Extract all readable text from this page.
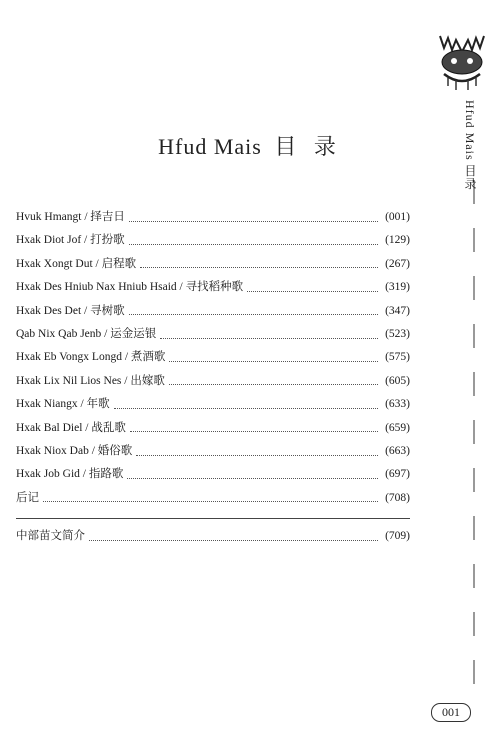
Hfud Mais 目录
Hfud Mais 目 录
Hvuk Hmangt / 择吉日	(001)
Hxak Diot Jof / 打扮歌	(129)
Hxak Xongt Dut / 启程歌	(267)
Hxak Des Hniub Nax Hniub Hsaid / 寻找稻种歌	(319)
Hxak Des Det / 寻树歌	(347)
Qab Nix Qab Jenb / 运金运银	(523)
Hxak Eb Vongx Longd / 煮酒歌	(575)
Hxak Lix Nil Lios Nes / 出嫁歌	(605)
Hxak Niangx / 年歌	(633)
Hxak Bal Diel / 战乱歌	(659)
Hxak Niox Dab / 婚俗歌	(663)
Hxak Job Gid / 指路歌	(697)
后记	(708)
中部苗文简介	(709)
001
